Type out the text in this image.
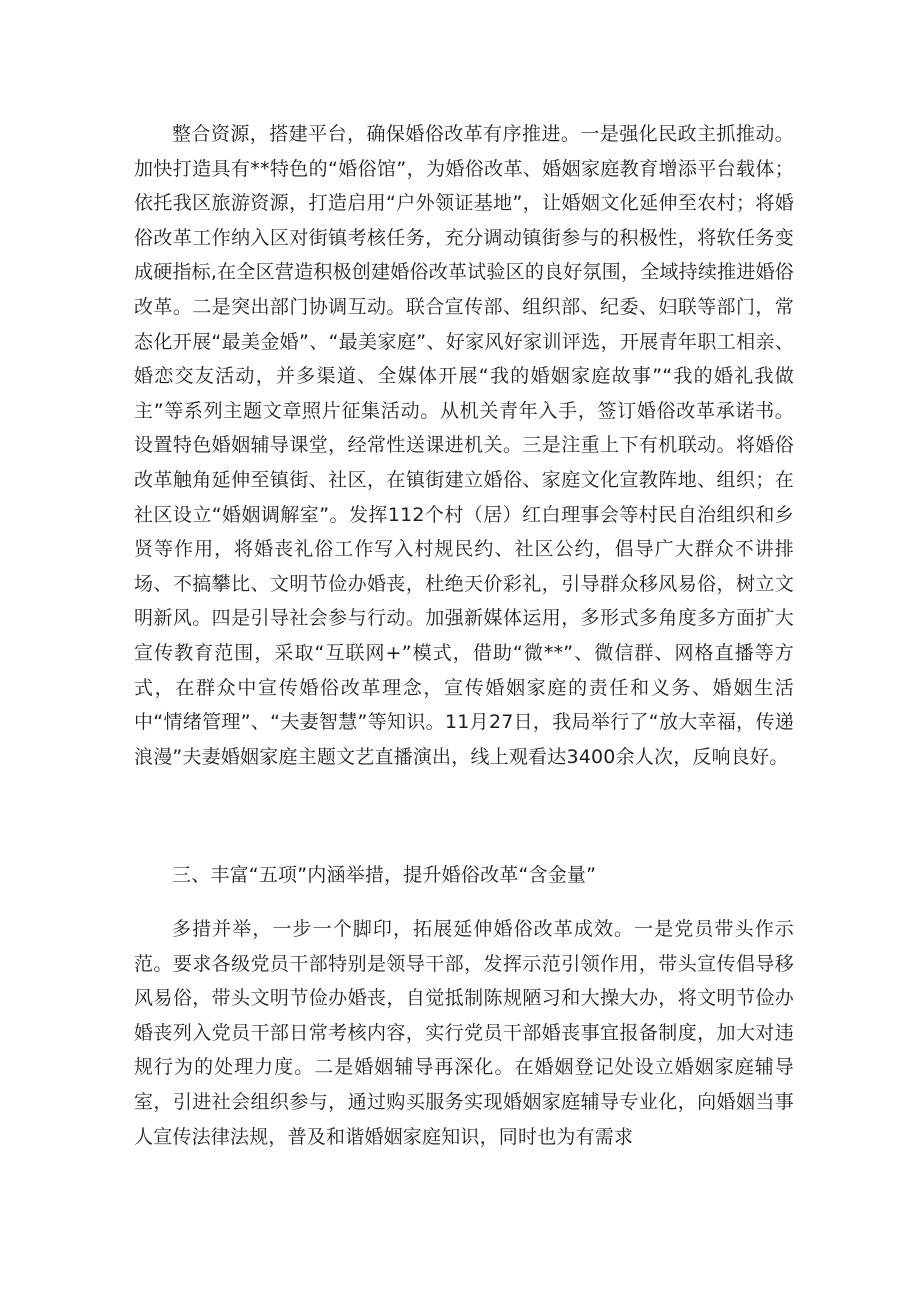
整合资源，搭建平台，确保婚俗改革有序推进。一是强化民政主抓推动。加快打造具有**特色的“婚俗馆”，为婚俗改革、婚姻家庭教育增添平台载体；依托我区旅游资源，打造启用“户外领证基地”，让婚姻文化延伸至农村；将婚俗改革工作纳入区对街镇考核任务，充分调动镇街参与的积极性，将软任务变成硬指标,在全区营造积极创建婚俗改革试验区的良好氛围，全域持续推进婚俗改革。二是突出部门协调互动。联合宣传部、组织部、纪委、妇联等部门，常态化开展“最美金婚”、“最美家庭”、好家风好家训评选，开展青年职工相亲、婚恋交友活动，并多渠道、全媒体开展“我的婚姻家庭故事”“我的婚礼我做主”等系列主题文章照片征集活动。从机关青年入手，签订婚俗改革承诺书。设置特色婚姻辅导课堂，经常性送课进机关。三是注重上下有机联动。将婚俗改革触角延伸至镇街、社区，在镇街建立婚俗、家庭文化宣教阵地、组织；在社区设立“婚姻调解室”。发挥112个村（居）红白理事会等村民自治组织和乡贤等作用，将婚丧礼俗工作写入村规民约、社区公约，倡导广大群众不讲排场、不搞攀比、文明节俭办婚丧，杜绝天价彩礼，引导群众移风易俗，树立文明新风。四是引导社会参与行动。加强新媒体运用，多形式多角度多方面扩大宣传教育范围，采取“互联网+”模式，借助“微**”、微信群、网格直播等方式，在群众中宣传婚俗改革理念，宣传婚姻家庭的责任和义务、婚姻生活中“情绪管理”、“夫妻智慧”等知识。11月27日，我局举行了“放大幸福，传递浪漫”夫妻婚姻家庭主题文艺直播演出，线上观看达3400余人次，反响良好。

三、丰富“五项”内涵举措，提升婚俗改革“含金量”

多措并举，一步一个脚印，拓展延伸婚俗改革成效。一是党员带头作示范。要求各级党员干部特别是领导干部，发挥示范引领作用，带头宣传倡导移风易俗，带头文明节俭办婚丧，自觉抵制陈规陋习和大操大办，将文明节俭办婚丧列入党员干部日常考核内容，实行党员干部婚丧事宜报备制度，加大对违规行为的处理力度。二是婚姻辅导再深化。在婚姻登记处设立婚姻家庭辅导室，引进社会组织参与，通过购买服务实现婚姻家庭辅导专业化，向婚姻当事人宣传法律法规，普及和谐婚姻家庭知识，同时也为有需求
